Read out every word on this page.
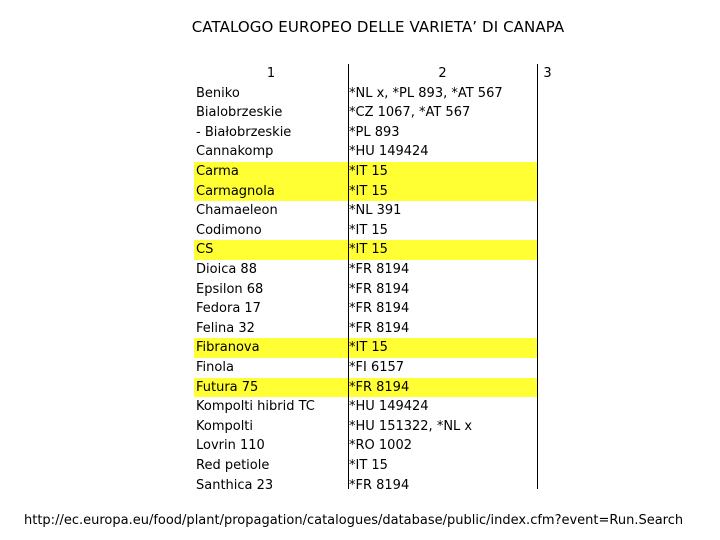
CATALOGO EUROPEO DELLE VARIETA’ DI CANAPA
Beniko	*NL x, *PL 893, *AT 567
Bialobrzeskie	*CZ 1067, *AT 567
- Białobrzeskie	*PL 893
Cannakomp	*HU 149424
Carma	*IT 15
Carmagnola	*IT 15
Chamaeleon	*NL 391
Codimono	*IT 15
CS	*IT 15
Dioica 88	*FR 8194
Epsilon 68	*FR 8194
Fedora 17	*FR 8194
Felina 32	*FR 8194
Fibranova	*IT 15
Finola	*FI 6157
Futura 75	*FR 8194
Kompolti hibrid TC	*HU 149424
Kompolti	*HU 151322, *NL x
Lovrin 110	*RO 1002
Red petiole	*IT 15
Santhica 23	*FR 8194
1	2	3
http://ec.europa.eu/food/plant/propagation/catalogues/database/public/index.cfm?event=Run.Search
